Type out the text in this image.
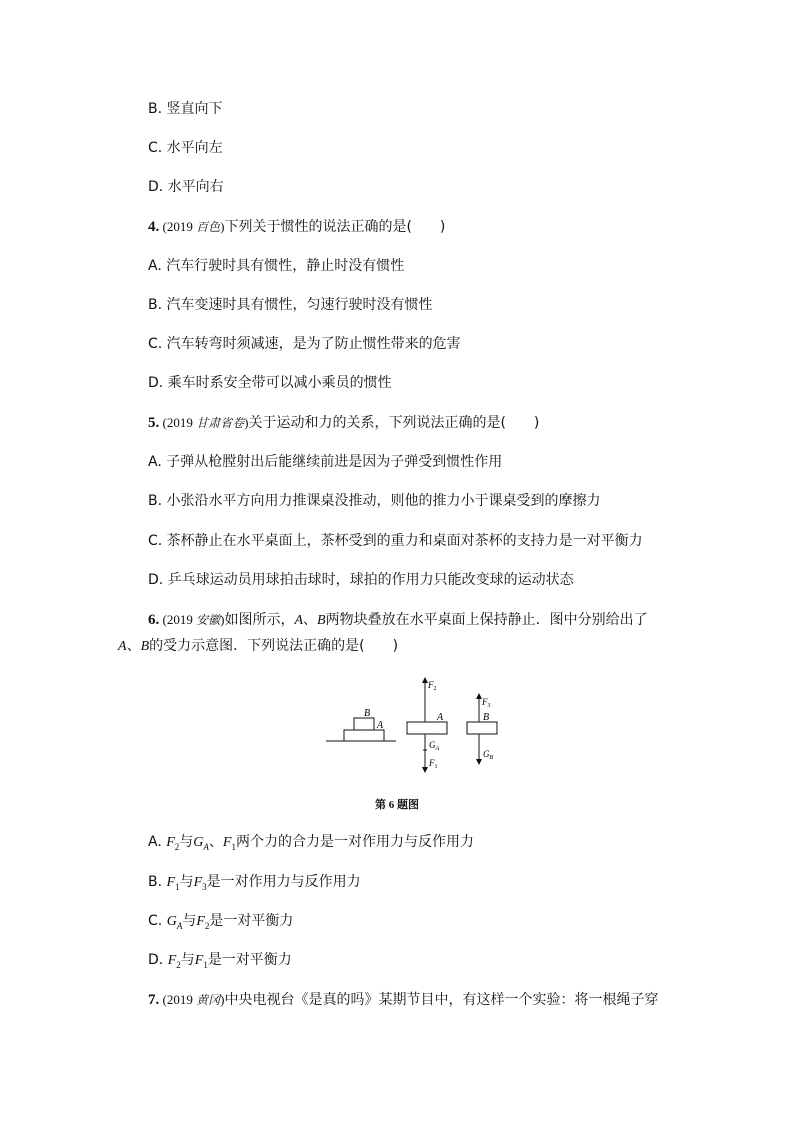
B. 竖直向下
C. 水平向左
D. 水平向右
4. (2019 百色)下列关于惯性的说法正确的是(　　)
A. 汽车行驶时具有惯性，静止时没有惯性
B. 汽车变速时具有惯性，匀速行驶时没有惯性
C. 汽车转弯时须减速，是为了防止惯性带来的危害
D. 乘车时系安全带可以减小乘员的惯性
5. (2019 甘肃省卷)关于运动和力的关系，下列说法正确的是(　　)
A. 子弹从枪膛射出后能继续前进是因为子弹受到惯性作用
B. 小张沿水平方向用力推课桌没推动，则他的推力小于课桌受到的摩擦力
C. 茶杯静止在水平桌面上，茶杯受到的重力和桌面对茶杯的支持力是一对平衡力
D. 乒乓球运动员用球拍击球时，球拍的作用力只能改变球的运动状态
6. (2019 安徽)如图所示，A、B两物块叠放在水平桌面上保持静止．图中分别给出了
A、B的受力示意图．下列说法正确的是(　　)
B
A
$F_2$
A
$G_A$
$F_1$
$F_3$
B
$G_B$
第 6 题图
A. $F_2$与$G_A$、$F_1$两个力的合力是一对作用力与反作用力
B. $F_1$与$F_3$是一对作用力与反作用力
C. $G_A$与$F_2$是一对平衡力
D. $F_2$与$F_1$是一对平衡力
7. (2019 黄冈)中央电视台《是真的吗》某期节目中，有这样一个实验：将一根绳子穿
